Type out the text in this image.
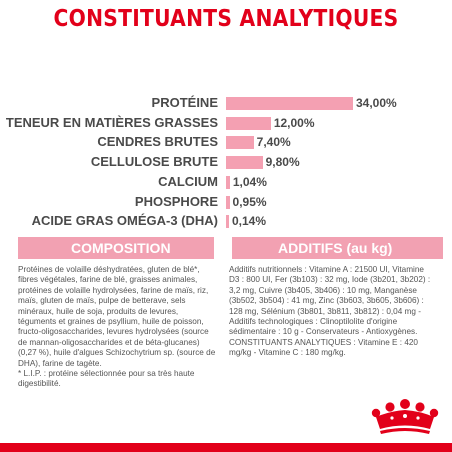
CONSTITUANTS ANALYTIQUES
PROTÉINE	34,00%
TENEUR EN MATIÈRES GRASSES	12,00%
CENDRES BRUTES	7,40%
CELLULOSE BRUTE	9,80%
CALCIUM 1,04%
PHOSPHORE 0,95%
ACIDE GRAS OMÉGA-3 (DHA) 0,14%
COMPOSITION	ADDITIFS (au kg)

Protéines de volaille déshydratées, gluten de blé*, fibres végétales, farine de blé, graisses animales, protéines de volaille hydrolysées, farine de maïs, riz, maïs, gluten de maïs, pulpe de betterave, sels minéraux, huile de soja, produits de levures, téguments et graines de psyllium, huile de poisson, fructo-oligosaccharides, levures hydrolysées (source de mannan-oligosaccharides et de béta-glucanes) (0,27 %), huile d'algues Schizochytrium sp. (source de DHA), farine de tagète.

* L.I.P. : protéine sélectionnée pour sa très haute digestibilité.

Additifs nutritionnels : Vitamine A : 21500 UI, Vitamine D3 : 800 UI, Fer (3b103) : 32 mg, Iode (3b201, 3b202) : 3,2 mg, Cuivre (3b405, 3b406) : 10 mg, Manganèse (3b502, 3b504) : 41 mg, Zinc (3b603, 3b605, 3b606) : 128 mg, Sélénium (3b801, 3b811, 3b812) : 0,04 mg - Additifs technologiques : Clinoptilolite d'origine sédimentaire : 10 g - Conservateurs - Antioxygènes.

CONSTITUANTS ANALYTIQUES : Vitamine E : 420 mg/kg - Vitamine C : 180 mg/kg.
